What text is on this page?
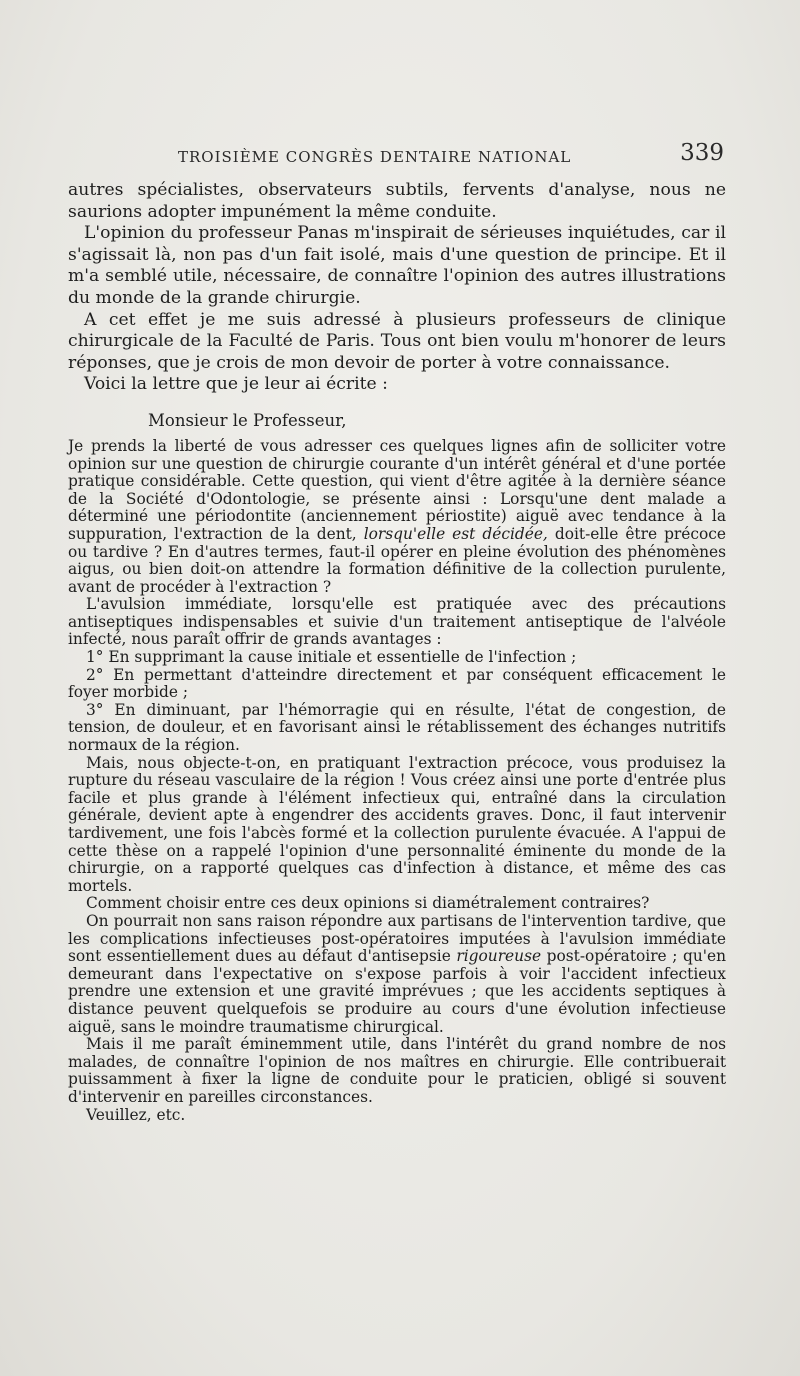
TROISIÈME CONGRÈS DENTAIRE NATIONAL	339

autres spécialistes, observateurs subtils, fervents d'analyse, nous ne saurions adopter impunément la même conduite.

L'opinion du professeur Panas m'inspirait de sérieuses inquiétudes, car il s'agissait là, non pas d'un fait isolé, mais d'une question de principe. Et il m'a semblé utile, nécessaire, de connaître l'opinion des autres illustrations du monde de la grande chirurgie.

A cet effet je me suis adressé à plusieurs professeurs de clinique chirurgicale de la Faculté de Paris. Tous ont bien voulu m'honorer de leurs réponses, que je crois de mon devoir de porter à votre connaissance.

Voici la lettre que je leur ai écrite :

Monsieur le Professeur,

Je prends la liberté de vous adresser ces quelques lignes afin de solliciter votre opinion sur une question de chirurgie courante d'un intérêt général et d'une portée pratique considérable. Cette question, qui vient d'être agitée à la dernière séance de la Société d'Odontologie, se présente ainsi : Lorsqu'une dent malade a déterminé une périodontite (anciennement périostite) aiguë avec tendance à la suppuration, l'extraction de la dent, lorsqu'elle est décidée, doit-elle être précoce ou tardive ? En d'autres termes, faut-il opérer en pleine évolution des phénomènes aigus, ou bien doit-on attendre la formation définitive de la collection purulente, avant de procéder à l'extraction ?

L'avulsion immédiate, lorsqu'elle est pratiquée avec des précautions antiseptiques indispensables et suivie d'un traitement antiseptique de l'alvéole infecté, nous paraît offrir de grands avantages :

1° En supprimant la cause initiale et essentielle de l'infection ;

2° En permettant d'atteindre directement et par conséquent efficacement le foyer morbide ;

3° En diminuant, par l'hémorragie qui en résulte, l'état de congestion, de tension, de douleur, et en favorisant ainsi le rétablissement des échanges nutritifs normaux de la région.

Mais, nous objecte-t-on, en pratiquant l'extraction précoce, vous produisez la rupture du réseau vasculaire de la région ! Vous créez ainsi une porte d'entrée plus facile et plus grande à l'élément infectieux qui, entraîné dans la circulation générale, devient apte à engendrer des accidents graves. Donc, il faut intervenir tardivement, une fois l'abcès formé et la collection purulente évacuée. A l'appui de cette thèse on a rappelé l'opinion d'une personnalité éminente du monde de la chirurgie, on a rapporté quelques cas d'infection à distance, et même des cas mortels.

Comment choisir entre ces deux opinions si diamétralement contraires?

On pourrait non sans raison répondre aux partisans de l'intervention tardive, que les complications infectieuses post-opératoires imputées à l'avulsion immédiate sont essentiellement dues au défaut d'antisepsie rigoureuse post-opératoire ; qu'en demeurant dans l'expectative on s'expose parfois à voir l'accident infectieux prendre une extension et une gravité imprévues ; que les accidents septiques à distance peuvent quelquefois se produire au cours d'une évolution infectieuse aiguë, sans le moindre traumatisme chirurgical.

Mais il me paraît éminemment utile, dans l'intérêt du grand nombre de nos malades, de connaître l'opinion de nos maîtres en chirurgie. Elle contribuerait puissamment à fixer la ligne de conduite pour le praticien, obligé si souvent d'intervenir en pareilles circonstances.

Veuillez, etc.
